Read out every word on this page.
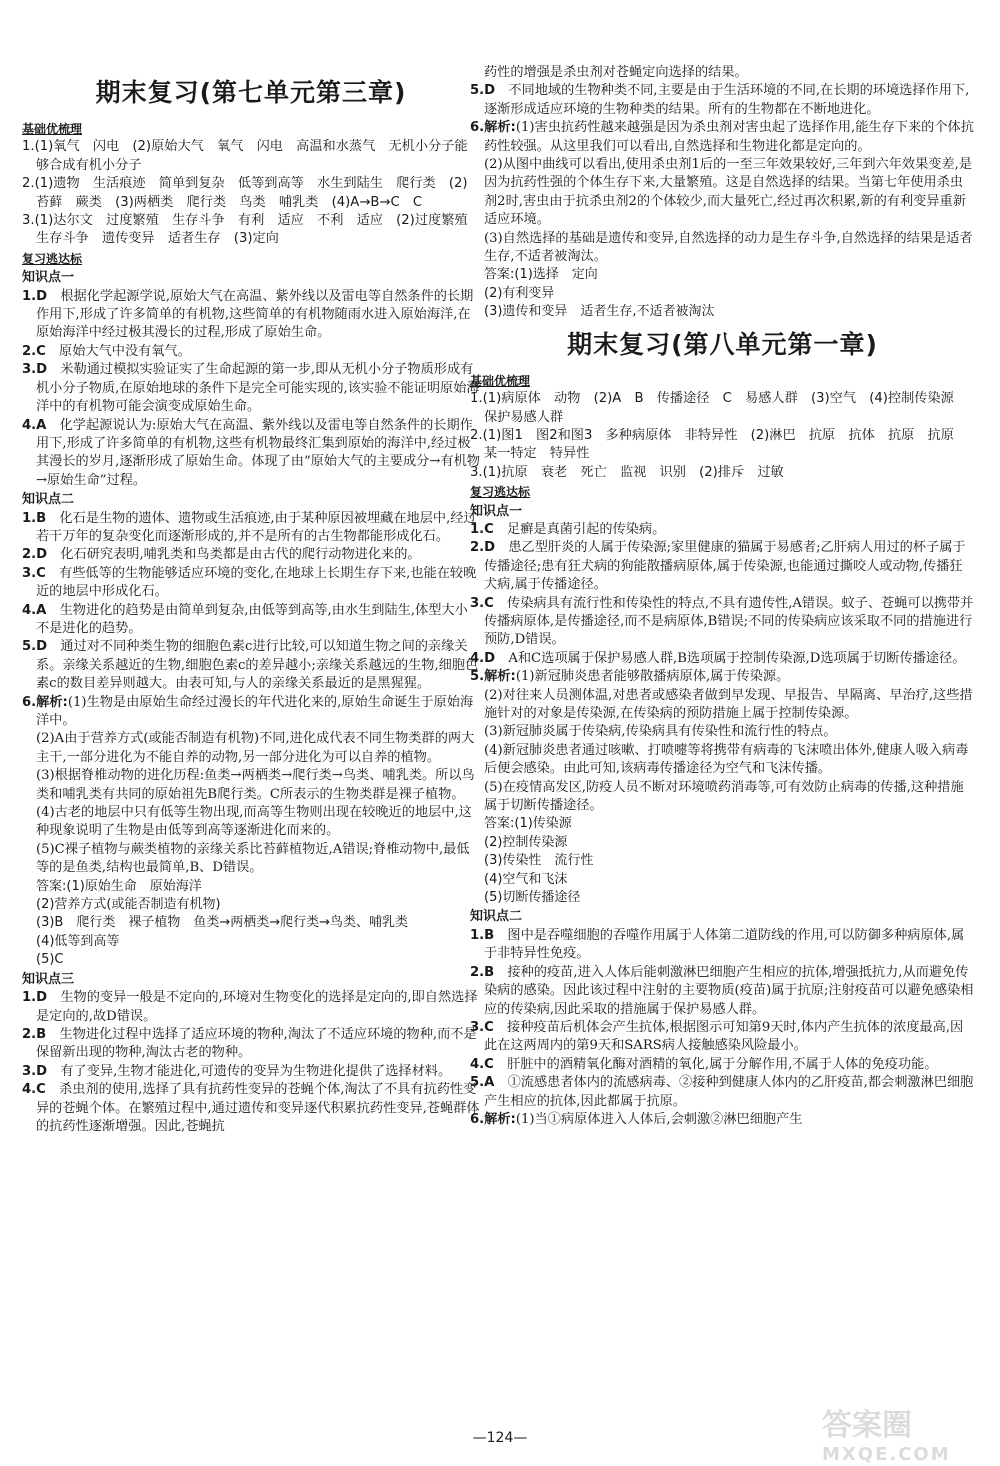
期末复习(第七单元第三章)
基础优梳理
1.(1)氧气　闪电　(2)原始大气　氧气　闪电　高温和水蒸气　无机小分子能够合成有机小分子
2.(1)遗物　生活痕迹　简单到复杂　低等到高等　水生到陆生　爬行类　(2)苔藓　蕨类　(3)两栖类　爬行类　鸟类　哺乳类　(4)A→B→C　C
3.(1)达尔文　过度繁殖　生存斗争　有利　适应　不利　适应　(2)过度繁殖　生存斗争　遗传变异　适者生存　(3)定向
复习逃达标
知识点一
1.D　根据化学起源学说,原始大气在高温、紫外线以及雷电等自然条件的长期作用下,形成了许多简单的有机物,这些简单的有机物随雨水进入原始海洋,在原始海洋中经过极其漫长的过程,形成了原始生命。
2.C　原始大气中没有氧气。
3.D　米勒通过模拟实验证实了生命起源的第一步,即从无机小分子物质形成有机小分子物质,在原始地球的条件下是完全可能实现的,该实验不能证明原始海洋中的有机物可能会演变成原始生命。
4.A　化学起源说认为:原始大气在高温、紫外线以及雷电等自然条件的长期作用下,形成了许多简单的有机物,这些有机物最终汇集到原始的海洋中,经过极其漫长的岁月,逐渐形成了原始生命。体现了由“原始大气的主要成分→有机物→原始生命”过程。
知识点二
1.B　化石是生物的遗体、遗物或生活痕迹,由于某种原因被埋藏在地层中,经过若干万年的复杂变化而逐渐形成的,并不是所有的古生物都能形成化石。
2.D　化石研究表明,哺乳类和鸟类都是由古代的爬行动物进化来的。
3.C　有些低等的生物能够适应环境的变化,在地球上长期生存下来,也能在较晚近的地层中形成化石。
4.A　生物进化的趋势是由简单到复杂,由低等到高等,由水生到陆生,体型大小不是进化的趋势。
5.D　通过对不同种类生物的细胞色素c进行比较,可以知道生物之间的亲缘关系。亲缘关系越近的生物,细胞色素c的差异越小;亲缘关系越远的生物,细胞色素c的数目差异则越大。由表可知,与人的亲缘关系最近的是黑猩猩。
6.解析:(1)生物是由原始生命经过漫长的年代进化来的,原始生命诞生于原始海洋中。
(2)A由于营养方式(或能否制造有机物)不同,进化成代表不同生物类群的两大主干,一部分进化为不能自养的动物,另一部分进化为可以自养的植物。
(3)根据脊椎动物的进化历程:鱼类→两栖类→爬行类→鸟类、哺乳类。所以鸟类和哺乳类有共同的原始祖先B爬行类。C所表示的生物类群是裸子植物。
(4)古老的地层中只有低等生物出现,而高等生物则出现在较晚近的地层中,这种现象说明了生物是由低等到高等逐渐进化而来的。
(5)C裸子植物与蕨类植物的亲缘关系比苔藓植物近,A错误;脊椎动物中,最低等的是鱼类,结构也最简单,B、D错误。
答案:(1)原始生命　原始海洋
(2)营养方式(或能否制造有机物)
(3)B　爬行类　裸子植物　鱼类→两栖类→爬行类→鸟类、哺乳类
(4)低等到高等
(5)C
知识点三
1.D　生物的变异一般是不定向的,环境对生物变化的选择是定向的,即自然选择是定向的,故D错误。
2.B　生物进化过程中选择了适应环境的物种,淘汰了不适应环境的物种,而不是保留新出现的物种,淘汰古老的物种。
3.D　有了变异,生物才能进化,可遗传的变异为生物进化提供了选择材料。
4.C　杀虫剂的使用,选择了具有抗药性变异的苍蝇个体,淘汰了不具有抗药性变异的苍蝇个体。在繁殖过程中,通过遗传和变异逐代积累抗药性变异,苍蝇群体的抗药性逐渐增强。因此,苍蝇抗
药性的增强是杀虫剂对苍蝇定向选择的结果。
5.D　不同地域的生物种类不同,主要是由于生活环境的不同,在长期的环境选择作用下,逐渐形成适应环境的生物种类的结果。所有的生物都在不断地进化。
6.解析:(1)害虫抗药性越来越强是因为杀虫剂对害虫起了选择作用,能生存下来的个体抗药性较强。从这里我们可以看出,自然选择和生物进化都是定向的。
(2)从图中曲线可以看出,使用杀虫剂1后的一至三年效果较好,三年到六年效果变差,是因为抗药性强的个体生存下来,大量繁殖。这是自然选择的结果。当第七年使用杀虫剂2时,害虫由于抗杀虫剂2的个体较少,而大量死亡,经过再次积累,新的有利变异重新适应环境。
(3)自然选择的基础是遗传和变异,自然选择的动力是生存斗争,自然选择的结果是适者生存,不适者被淘汰。
答案:(1)选择　定向
(2)有利变异
(3)遗传和变异　适者生存,不适者被淘汰
期末复习(第八单元第一章)
基础优梳理
1.(1)病原体　动物　(2)A　B　传播途径　C　易感人群　(3)空气　(4)控制传染源　保护易感人群
2.(1)图1　图2和图3　多种病原体　非特异性　(2)淋巴　抗原　抗体　抗原　抗原　某一特定　特异性
3.(1)抗原　衰老　死亡　监视　识别　(2)排斥　过敏
复习逃达标
知识点一
1.C　足癣是真菌引起的传染病。
2.D　患乙型肝炎的人属于传染源;家里健康的猫属于易感者;乙肝病人用过的杯子属于传播途径;患有狂犬病的狗能散播病原体,属于传染源,也能通过撕咬人或动物,传播狂犬病,属于传播途径。
3.C　传染病具有流行性和传染性的特点,不具有遗传性,A错误。蚊子、苍蝇可以携带并传播病原体,是传播途径,而不是病原体,B错误;不同的传染病应该采取不同的措施进行预防,D错误。
4.D　A和C选项属于保护易感人群,B选项属于控制传染源,D选项属于切断传播途径。
5.解析:(1)新冠肺炎患者能够散播病原体,属于传染源。
(2)对往来人员测体温,对患者或感染者做到早发现、早报告、早隔离、早治疗,这些措施针对的对象是传染源,在传染病的预防措施上属于控制传染源。
(3)新冠肺炎属于传染病,传染病具有传染性和流行性的特点。
(4)新冠肺炎患者通过咳嗽、打喷嚏等将携带有病毒的飞沫喷出体外,健康人吸入病毒后便会感染。由此可知,该病毒传播途径为空气和飞沫传播。
(5)在疫情高发区,防疫人员不断对环境喷药消毒等,可有效防止病毒的传播,这种措施属于切断传播途径。
答案:(1)传染源
(2)控制传染源
(3)传染性　流行性
(4)空气和飞沫
(5)切断传播途径
知识点二
1.B　图中是吞噬细胞的吞噬作用属于人体第二道防线的作用,可以防御多种病原体,属于非特异性免疫。
2.B　接种的疫苗,进入人体后能刺激淋巴细胞产生相应的抗体,增强抵抗力,从而避免传染病的感染。因此该过程中注射的主要物质(疫苗)属于抗原;注射疫苗可以避免感染相应的传染病,因此采取的措施属于保护易感人群。
3.C　接种疫苗后机体会产生抗体,根据图示可知第9天时,体内产生抗体的浓度最高,因此在这两周内的第9天和SARS病人接触感染风险最小。
4.C　肝脏中的酒精氧化酶对酒精的氧化,属于分解作用,不属于人体的免疫功能。
5.A　①流感患者体内的流感病毒、②接种到健康人体内的乙肝疫苗,都会刺激淋巴细胞产生相应的抗体,因此都属于抗原。
6.解析:(1)当①病原体进入人体后,会刺激②淋巴细胞产生
—124—	答案圈
MXQE.COM
